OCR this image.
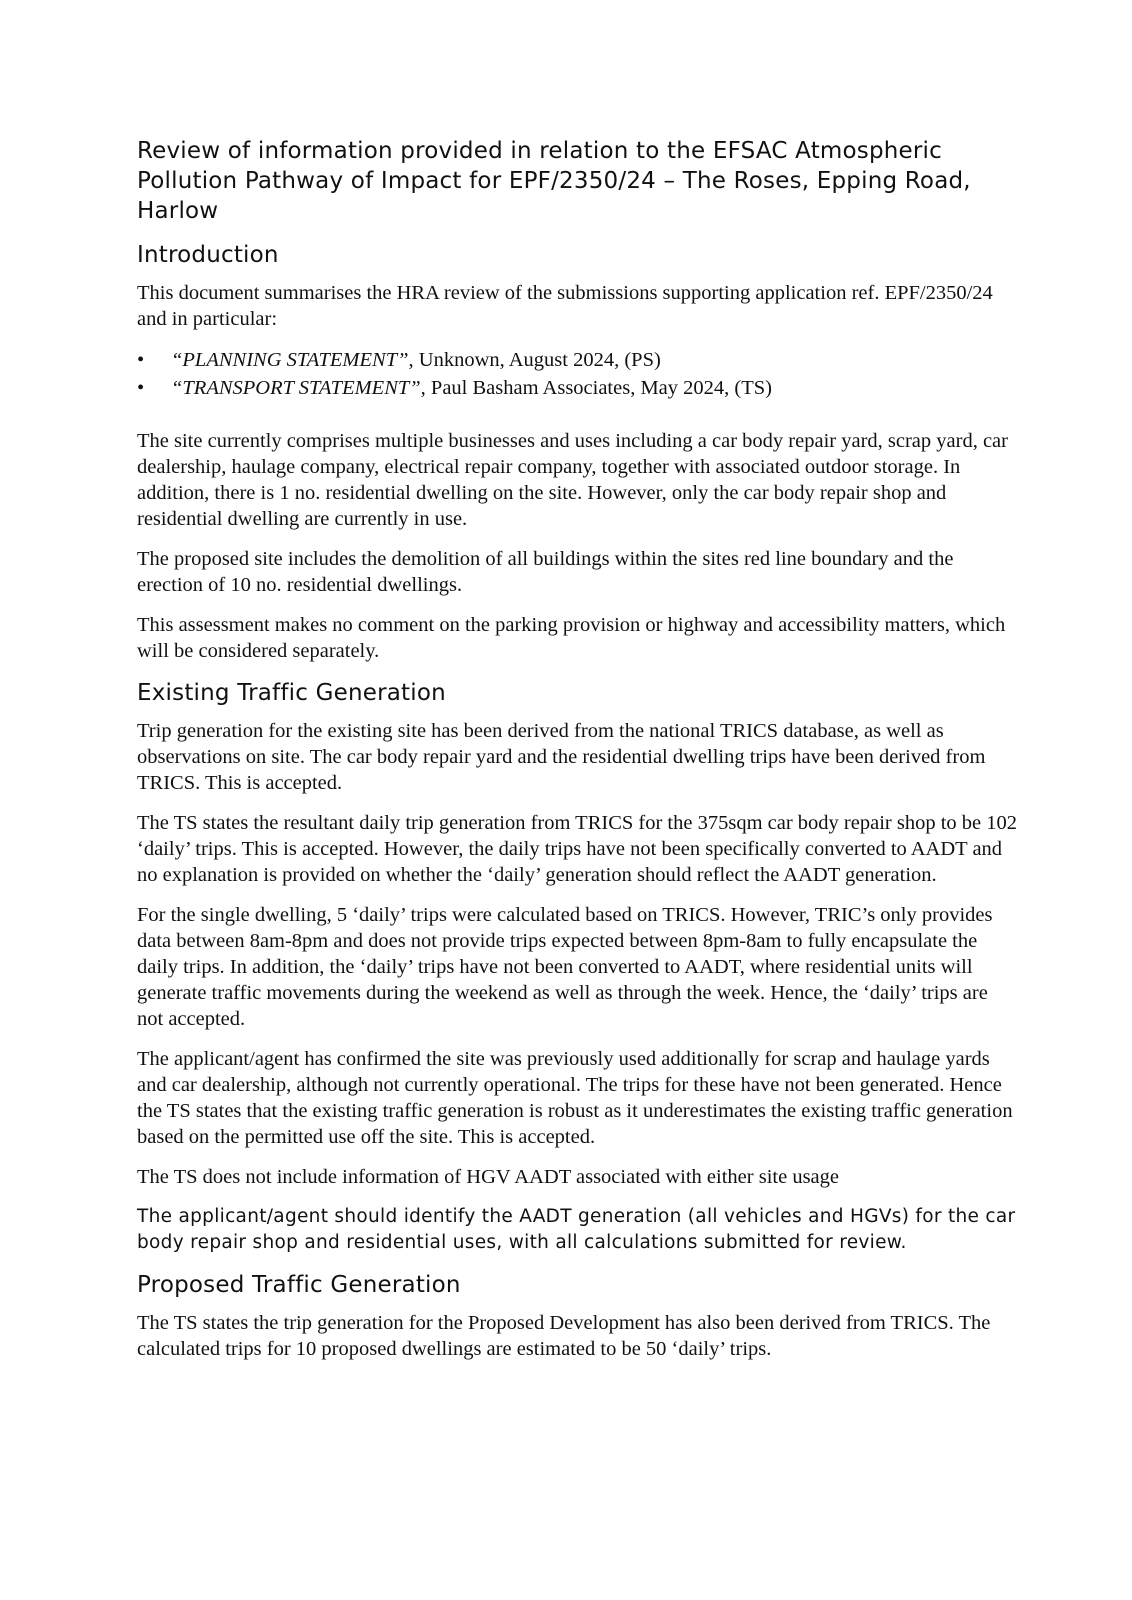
Review of information provided in relation to the EFSAC Atmospheric Pollution Pathway of Impact for EPF/2350/24 – The Roses, Epping Road, Harlow
Introduction

This document summarises the HRA review of the submissions supporting application ref. EPF/2350/24 and in particular:

• “PLANNING STATEMENT”, Unknown, August 2024, (PS)
• “TRANSPORT STATEMENT”, Paul Basham Associates, May 2024, (TS)

The site currently comprises multiple businesses and uses including a car body repair yard, scrap yard, car dealership, haulage company, electrical repair company, together with associated outdoor storage. In addition, there is 1 no. residential dwelling on the site. However, only the car body repair shop and residential dwelling are currently in use.

The proposed site includes the demolition of all buildings within the sites red line boundary and the erection of 10 no. residential dwellings.

This assessment makes no comment on the parking provision or highway and accessibility matters, which will be considered separately.

Existing Traffic Generation

Trip generation for the existing site has been derived from the national TRICS database, as well as observations on site. The car body repair yard and the residential dwelling trips have been derived from TRICS. This is accepted.

The TS states the resultant daily trip generation from TRICS for the 375sqm car body repair shop to be 102 ‘daily’ trips. This is accepted. However, the daily trips have not been specifically converted to AADT and no explanation is provided on whether the ‘daily’ generation should reflect the AADT generation.

For the single dwelling, 5 ‘daily’ trips were calculated based on TRICS. However, TRIC’s only provides data between 8am-8pm and does not provide trips expected between 8pm-8am to fully encapsulate the daily trips. In addition, the ‘daily’ trips have not been converted to AADT, where residential units will generate traffic movements during the weekend as well as through the week. Hence, the ‘daily’ trips are not accepted.

The applicant/agent has confirmed the site was previously used additionally for scrap and haulage yards and car dealership, although not currently operational. The trips for these have not been generated. Hence the TS states that the existing traffic generation is robust as it underestimates the existing traffic generation based on the permitted use off the site. This is accepted.

The TS does not include information of HGV AADT associated with either site usage

The applicant/agent should identify the AADT generation (all vehicles and HGVs) for the car body repair shop and residential uses, with all calculations submitted for review.

Proposed Traffic Generation

The TS states the trip generation for the Proposed Development has also been derived from TRICS. The calculated trips for 10 proposed dwellings are estimated to be 50 ‘daily’ trips.
